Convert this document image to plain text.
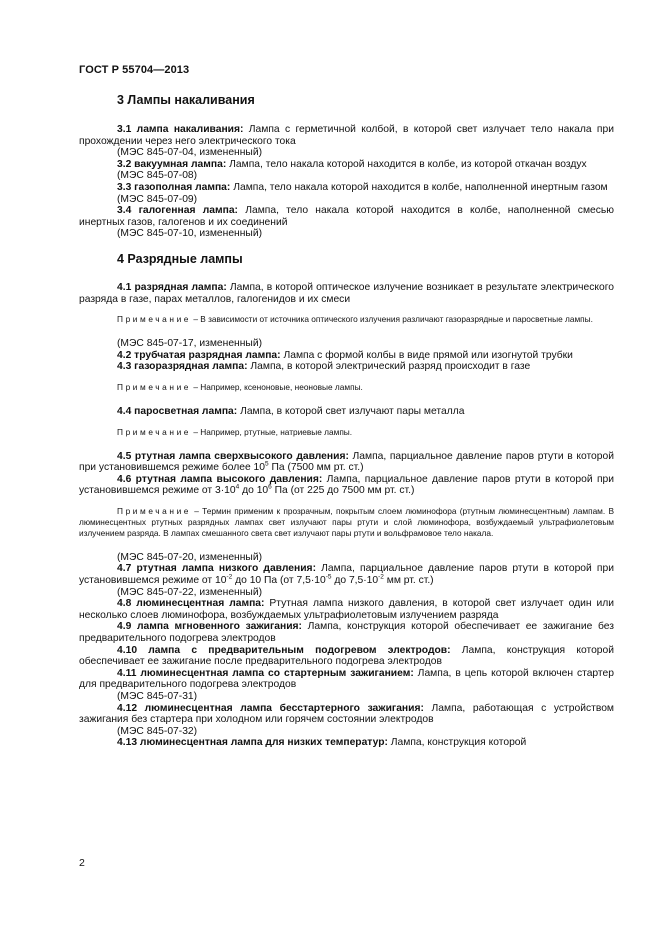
ГОСТ Р 55704—2013
3 Лампы накаливания

3.1 лампа накаливания: Лампа с герметичной колбой, в которой свет излучает тело накала при прохождении через него электрического тока

(МЭС 845-07-04, измененный)

3.2 вакуумная лампа: Лампа, тело накала которой находится в колбе, из которой откачан воздух

(МЭС 845-07-08)

3.3 газополная лампа: Лампа, тело накала которой находится в колбе, наполненной инертным газом

(МЭС 845-07-09)

3.4 галогенная лампа: Лампа, тело накала которой находится в колбе, наполненной смесью инертных газов, галогенов и их соединений

(МЭС 845-07-10, измененный)

4 Разрядные лампы

4.1 разрядная лампа: Лампа, в которой оптическое излучение возникает в результате электрического разряда в газе, парах металлов, галогенидов и их смеси

Примечание – В зависимости от источника оптического излучения различают газоразрядные и паросветные лампы.

(МЭС 845-07-17, измененный)

4.2 трубчатая разрядная лампа: Лампа с формой колбы в виде прямой или изогнутой трубки

4.3 газоразрядная лампа: Лампа, в которой электрический разряд происходит в газе

Примечание – Например, ксеноновые, неоновые лампы.

4.4 паросветная лампа: Лампа, в которой свет излучают пары металла

Примечание – Например, ртутные, натриевые лампы.

4.5 ртутная лампа сверхвысокого давления: Лампа, парциальное давление паров ртути в которой при установившемся режиме более $10^5$ Па (7500 мм рт. ст.)

4.6 ртутная лампа высокого давления: Лампа, парциальное давление паров ртути в которой при установившемся режиме от $3\cdot 10^4$ до $10^6$ Па (от 225 до 7500 мм рт. ст.)

Примечание – Термин применим к прозрачным, покрытым слоем люминофора (ртутным люминесцентным) лампам. В люминесцентных ртутных разрядных лампах свет излучают пары ртути и слой люминофора, возбуждаемый ультрафиолетовым излучением разряда. В лампах смешанного света свет излучают пары ртути и вольфрамовое тело накала.

(МЭС 845-07-20, измененный)

4.7 ртутная лампа низкого давления: Лампа, парциальное давление паров ртути в которой при установившемся режиме от $10^{-2}$ до 10 Па (от $7,5\cdot 10^{-5}$ до $7,5\cdot 10^{-2}$ мм рт. ст.)

(МЭС 845-07-22, измененный)

4.8 люминесцентная лампа: Ртутная лампа низкого давления, в которой свет излучает один или несколько слоев люминофора, возбуждаемых ультрафиолетовым излучением разряда

4.9 лампа мгновенного зажигания: Лампа, конструкция которой обеспечивает ее зажигание без предварительного подогрева электродов

4.10 лампа с предварительным подогревом электродов: Лампа, конструкция которой обеспечивает ее зажигание после предварительного подогрева электродов

4.11 люминесцентная лампа со стартерным зажиганием: Лампа, в цепь которой включен стартер для предварительного подогрева электродов

(МЭС 845-07-31)

4.12 люминесцентная лампа бесстартерного зажигания: Лампа, работающая с устройством зажигания без стартера при холодном или горячем состоянии электродов

(МЭС 845-07-32)

4.13 люминесцентная лампа для низких температур: Лампа, конструкция которой

2
